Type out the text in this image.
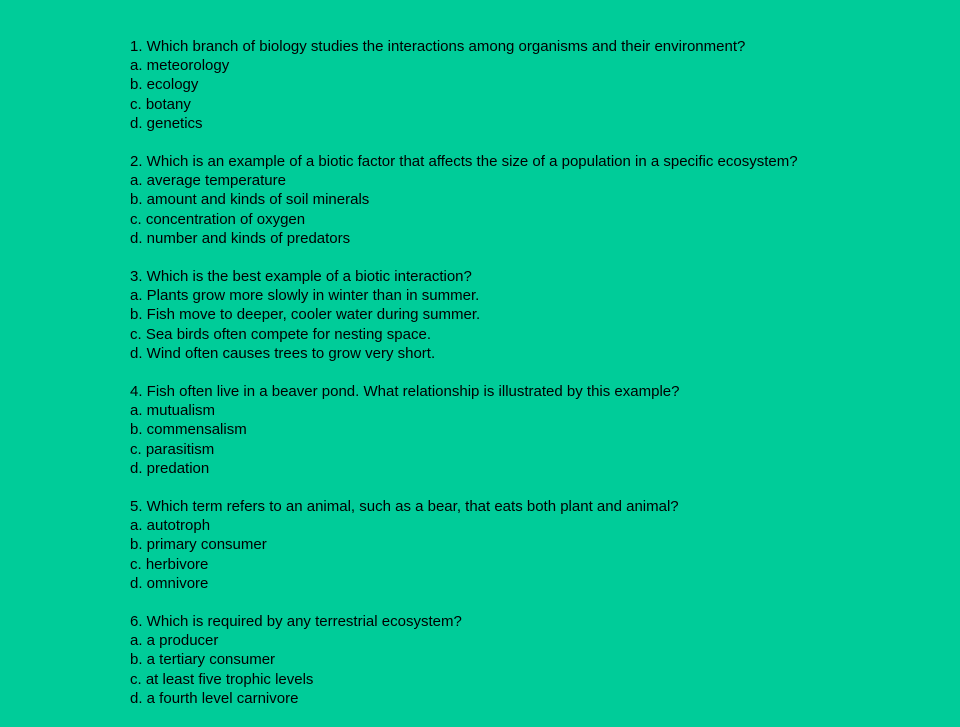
1. Which branch of biology studies the interactions among organisms and their environment?
a. meteorology
b. ecology
c. botany
d. genetics
2. Which is an example of a biotic factor that affects the size of a population in a specific ecosystem?
a. average temperature
b. amount and kinds of soil minerals
c. concentration of oxygen
d. number and kinds of predators
3. Which is the best example of a biotic interaction?
a. Plants grow more slowly in winter than in summer.
b. Fish move to deeper, cooler water during summer.
c. Sea birds often compete for nesting space.
d. Wind often causes trees to grow very short.
4. Fish often live in a beaver pond. What relationship is illustrated by this example?
a. mutualism
b. commensalism
c. parasitism
d. predation
5. Which term refers to an animal, such as a bear, that eats both plant and animal?
a. autotroph
b. primary consumer
c. herbivore
d. omnivore
6. Which is required by any terrestrial ecosystem?
a. a producer
b. a tertiary consumer
c. at least five trophic levels
d. a fourth level carnivore
